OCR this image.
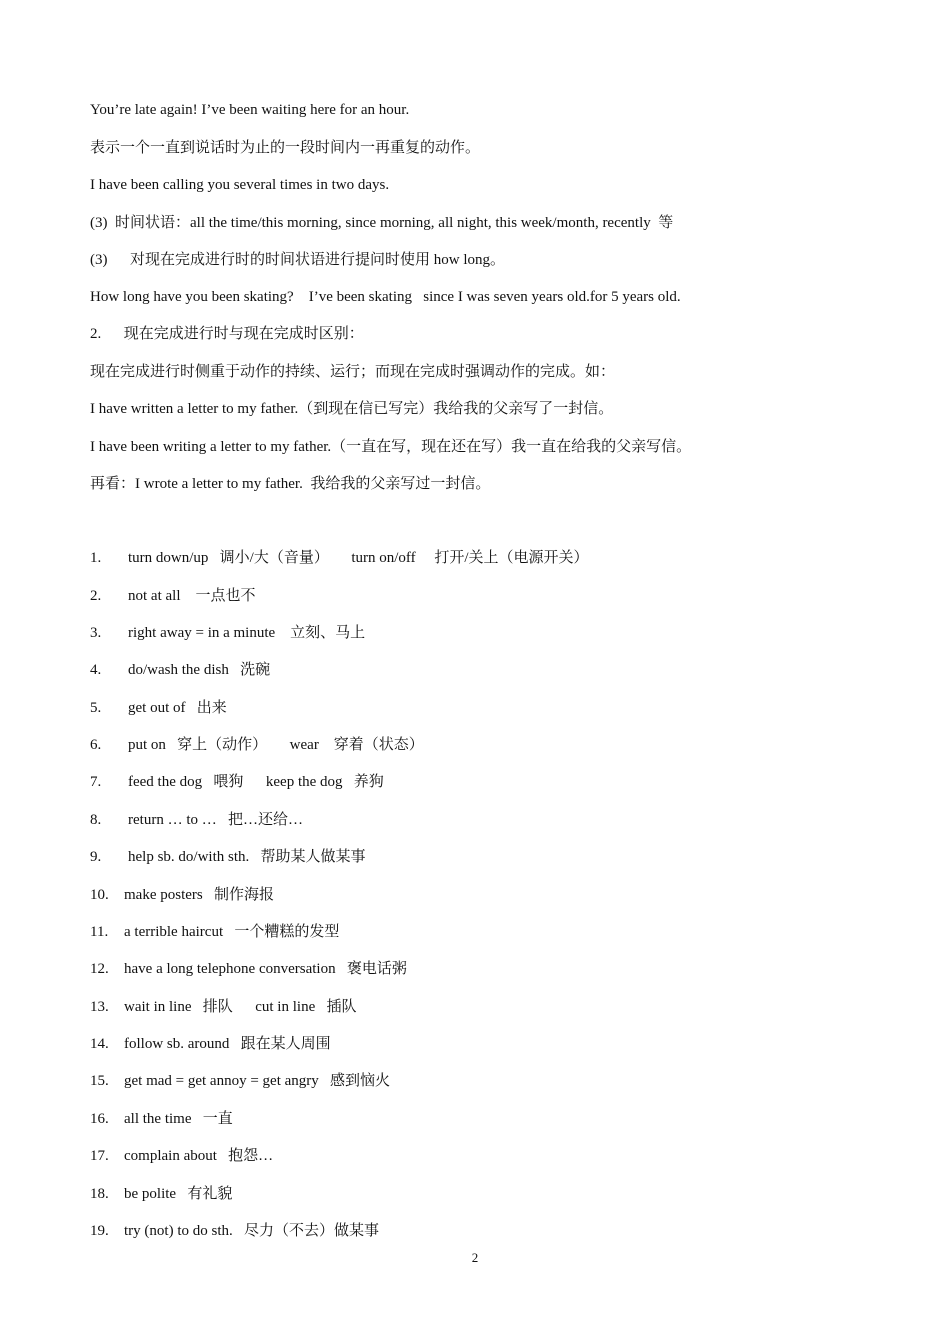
You’re late again! I’ve been waiting here for an hour.

表示一个一直到说话时为止的一段时间内一再重复的动作。

I have been calling you several times in two days.

(3)  时间状语：all the time/this morning, since morning, all night, this week/month, recently  等

(3)      对现在完成进行时的时间状语进行提问时使用 how long。

How long have you been skating?    I’ve been skating   since I was seven years old.for 5 years old.

2.      现在完成进行时与现在完成时区别：

现在完成进行时侧重于动作的持续、运行；而现在完成时强调动作的完成。如：

I have written a letter to my father.（到现在信已写完）我给我的父亲写了一封信。

I have been writing a letter to my father.（一直在写，现在还在写）我一直在给我的父亲写信。

再看：I wrote a letter to my father.  我给我的父亲写过一封信。

1. turn down/up   调小/大（音量）      turn on/off     打开/关上（电源开关）
2. not at all    一点也不
3. right away = in a minute    立刻、马上
4. do/wash the dish   洗碗
5. get out of   出来
6. put on   穿上（动作）      wear    穿着（状态）
7. feed the dog   喂狗      keep the dog   养狗
8. return … to …   把…还给…
9. help sb. do/with sth.   帮助某人做某事
10. make posters   制作海报
11. a terrible haircut   一个糟糕的发型
12. have a long telephone conversation   褒电话粥
13. wait in line   排队      cut in line   插队
14. follow sb. around   跟在某人周围
15. get mad = get annoy = get angry   感到恼火
16. all the time   一直
17. complain about   抱怨…
18. be polite   有礼貌
19. try (not) to do sth.   尽力（不去）做某事
2
